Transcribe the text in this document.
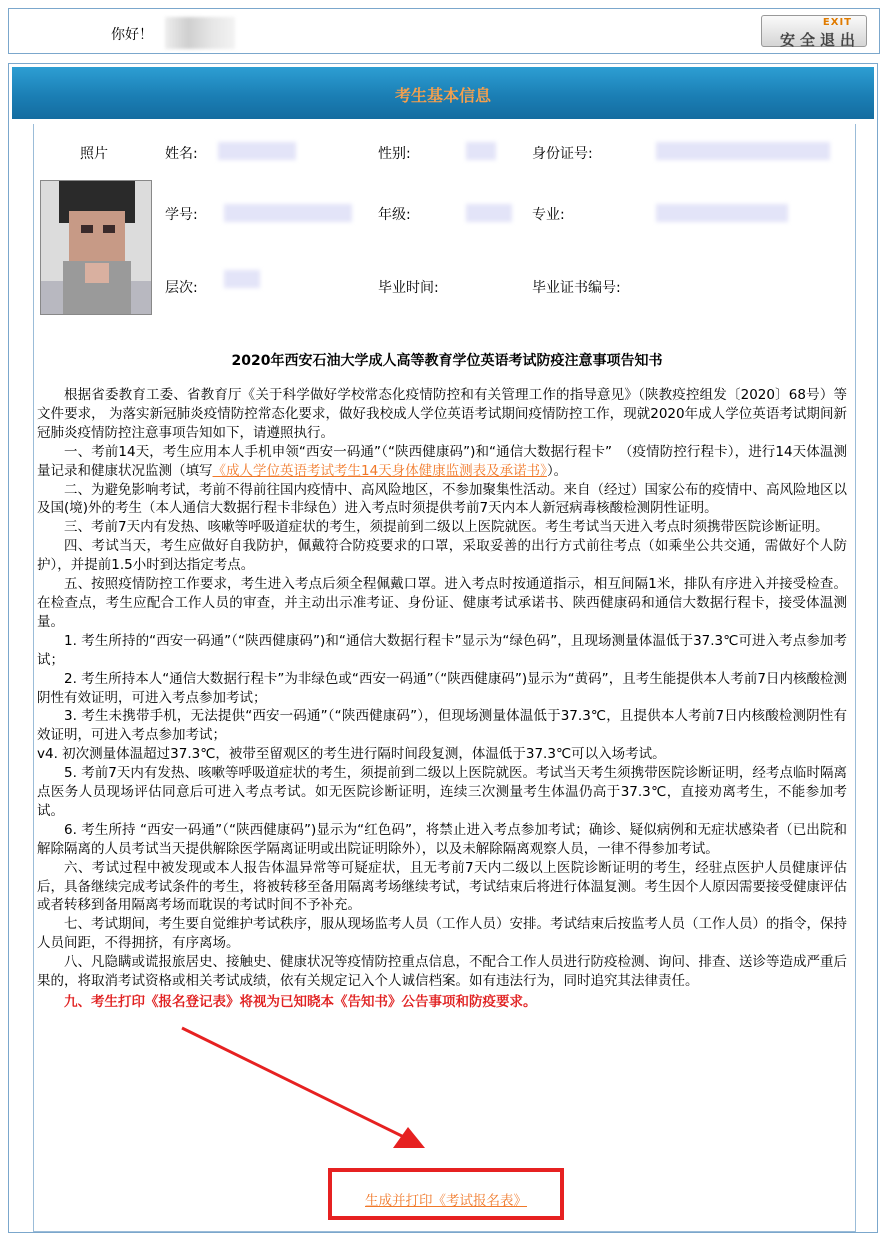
你好！
EXIT
安全退出
考生基本信息
照片	姓名:	性别:	身份证号:
学号:	年级:	专业:
层次:	毕业时间:	毕业证书编号:
2020年西安石油大学成人高等教育学位英语考试防疫注意事项告知书

根据省委教育工委、省教育厅《关于科学做好学校常态化疫情防控和有关管理工作的指导意见》（陕教疫控组发〔2020〕68号）等文件要求， 为落实新冠肺炎疫情防控常态化要求，做好我校成人学位英语考试期间疫情防控工作，现就2020年成人学位英语考试期间新冠肺炎疫情防控注意事项告知如下，请遵照执行。

一、考前14天，考生应用本人手机申领“西安一码通”（“陕西健康码”)和“通信大数据行程卡”　（疫情防控行程卡），进行14天体温测量记录和健康状况监测（填写《成人学位英语考试考生14天身体健康监测表及承诺书》）。

二、为避免影响考试，考前不得前往国内疫情中、高风险地区，不参加聚集性活动。来自（经过）国家公布的疫情中、高风险地区以及国(境)外的考生（本人通信大数据行程卡非绿色）进入考点时须提供考前7天内本人新冠病毒核酸检测阴性证明。

三、考前7天内有发热、咳嗽等呼吸道症状的考生，须提前到二级以上医院就医。考生考试当天进入考点时须携带医院诊断证明。

四、考试当天，考生应做好自我防护，佩戴符合防疫要求的口罩，采取妥善的出行方式前往考点（如乘坐公共交通，需做好个人防护），并提前1.5小时到达指定考点。

五、按照疫情防控工作要求，考生进入考点后须全程佩戴口罩。进入考点时按通道指示，相互间隔1米，排队有序进入并接受检查。在检查点，考生应配合工作人员的审查，并主动出示准考证、身份证、健康考试承诺书、陕西健康码和通信大数据行程卡，接受体温测量。

1. 考生所持的“西安一码通”（“陕西健康码”)和“通信大数据行程卡”显示为“绿色码”，且现场测量体温低于37.3℃可进入考点参加考试；

2. 考生所持本人“通信大数据行程卡”为非绿色或“西安一码通”（“陕西健康码”)显示为“黄码”，且考生能提供本人考前7日内核酸检测阴性有效证明，可进入考点参加考试；

3. 考生未携带手机，无法提供“西安一码通”（“陕西健康码”），但现场测量体温低于37.3℃，且提供本人考前7日内核酸检测阴性有效证明，可进入考点参加考试；

v4. 初次测量体温超过37.3℃，被带至留观区的考生进行隔时间段复测，体温低于37.3℃可以入场考试。

5. 考前7天内有发热、咳嗽等呼吸道症状的考生，须提前到二级以上医院就医。考试当天考生须携带医院诊断证明，经考点临时隔离点医务人员现场评估同意后可进入考点考试。如无医院诊断证明，连续三次测量考生体温仍高于37.3℃，直接劝离考生，不能参加考试。

6. 考生所持 “西安一码通”（“陕西健康码”)显示为“红色码”，将禁止进入考点参加考试；确诊、疑似病例和无症状感染者（已出院和解除隔离的人员考试当天提供解除医学隔离证明或出院证明除外），以及未解除隔离观察人员，一律不得参加考试。

六、考试过程中被发现或本人报告体温异常等可疑症状，且无考前7天内二级以上医院诊断证明的考生，经驻点医护人员健康评估后，具备继续完成考试条件的考生，将被转移至备用隔离考场继续考试，考试结束后将进行体温复测。考生因个人原因需要接受健康评估或者转移到备用隔离考场而耽误的考试时间不予补充。

七、考试期间，考生要自觉维护考试秩序，服从现场监考人员（工作人员）安排。考试结束后按监考人员（工作人员）的指令，保持人员间距，不得拥挤，有序离场。

八、凡隐瞒或谎报旅居史、接触史、健康状况等疫情防控重点信息，不配合工作人员进行防疫检测、询问、排查、送诊等造成严重后果的，将取消考试资格或相关考试成绩，依有关规定记入个人诚信档案。如有违法行为，同时追究其法律责任。

九、考生打印《报名登记表》将视为已知晓本《告知书》公告事项和防疫要求。

生成并打印《考试报名表》
